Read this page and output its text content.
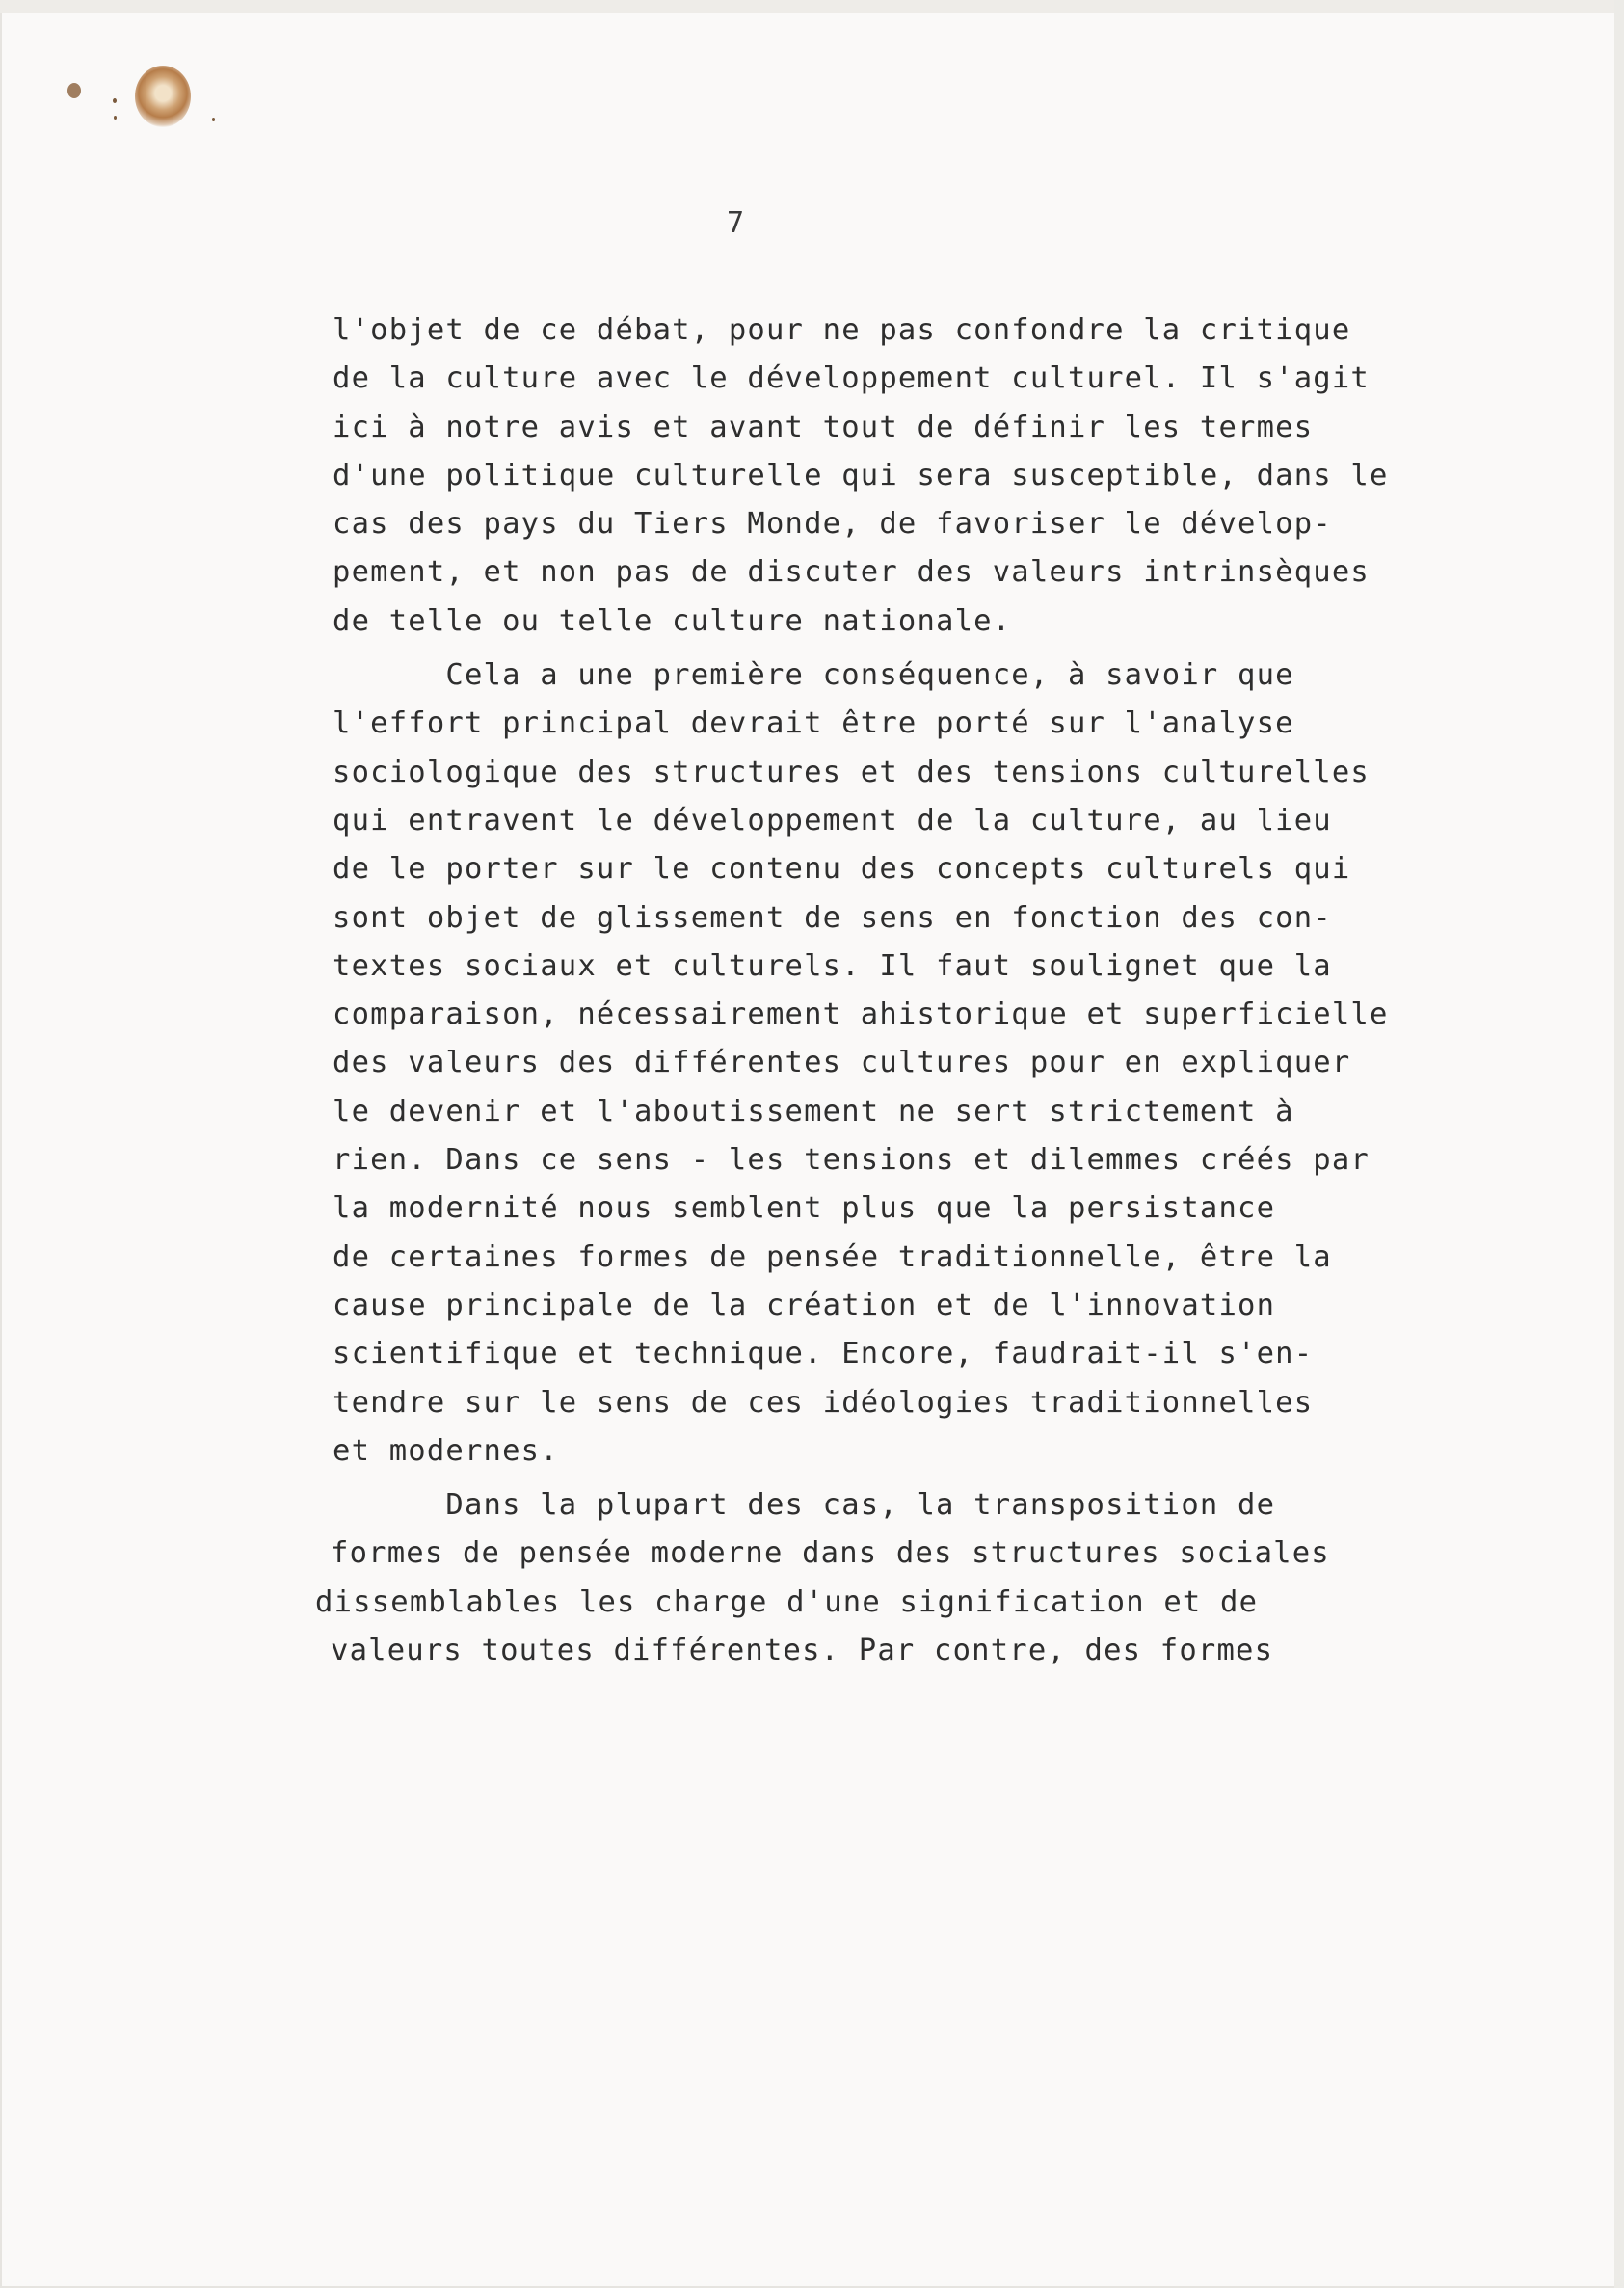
7
l'objet de ce débat, pour ne pas confondre la critique
de la culture avec le développement culturel. Il s'agit
ici à notre avis et avant tout de définir les termes
d'une politique culturelle qui sera susceptible, dans le
cas des pays du Tiers Monde, de favoriser le dévelop-
pement, et non pas de discuter des valeurs intrinsèques
de telle ou telle culture nationale.
Cela a une première conséquence, à savoir que
l'effort principal devrait être porté sur l'analyse
sociologique des structures et des tensions culturelles
qui entravent le développement de la culture, au lieu
de le porter sur le contenu des concepts culturels qui
sont objet de glissement de sens en fonction des con-
textes sociaux et culturels. Il faut soulignet que la
comparaison, nécessairement ahistorique et superficielle
des valeurs des différentes cultures pour en expliquer
le devenir et l'aboutissement ne sert strictement à
rien. Dans ce sens - les tensions et dilemmes créés par
la modernité nous semblent plus que la persistance
de certaines formes de pensée traditionnelle, être la
cause principale de la création et de l'innovation
scientifique et technique. Encore, faudrait-il s'en-
tendre sur le sens de ces idéologies traditionnelles
et modernes.
Dans la plupart des cas, la transposition de
formes de pensée moderne dans des structures sociales
dissemblables les charge d'une signification et de
valeurs toutes différentes. Par contre, des formes
